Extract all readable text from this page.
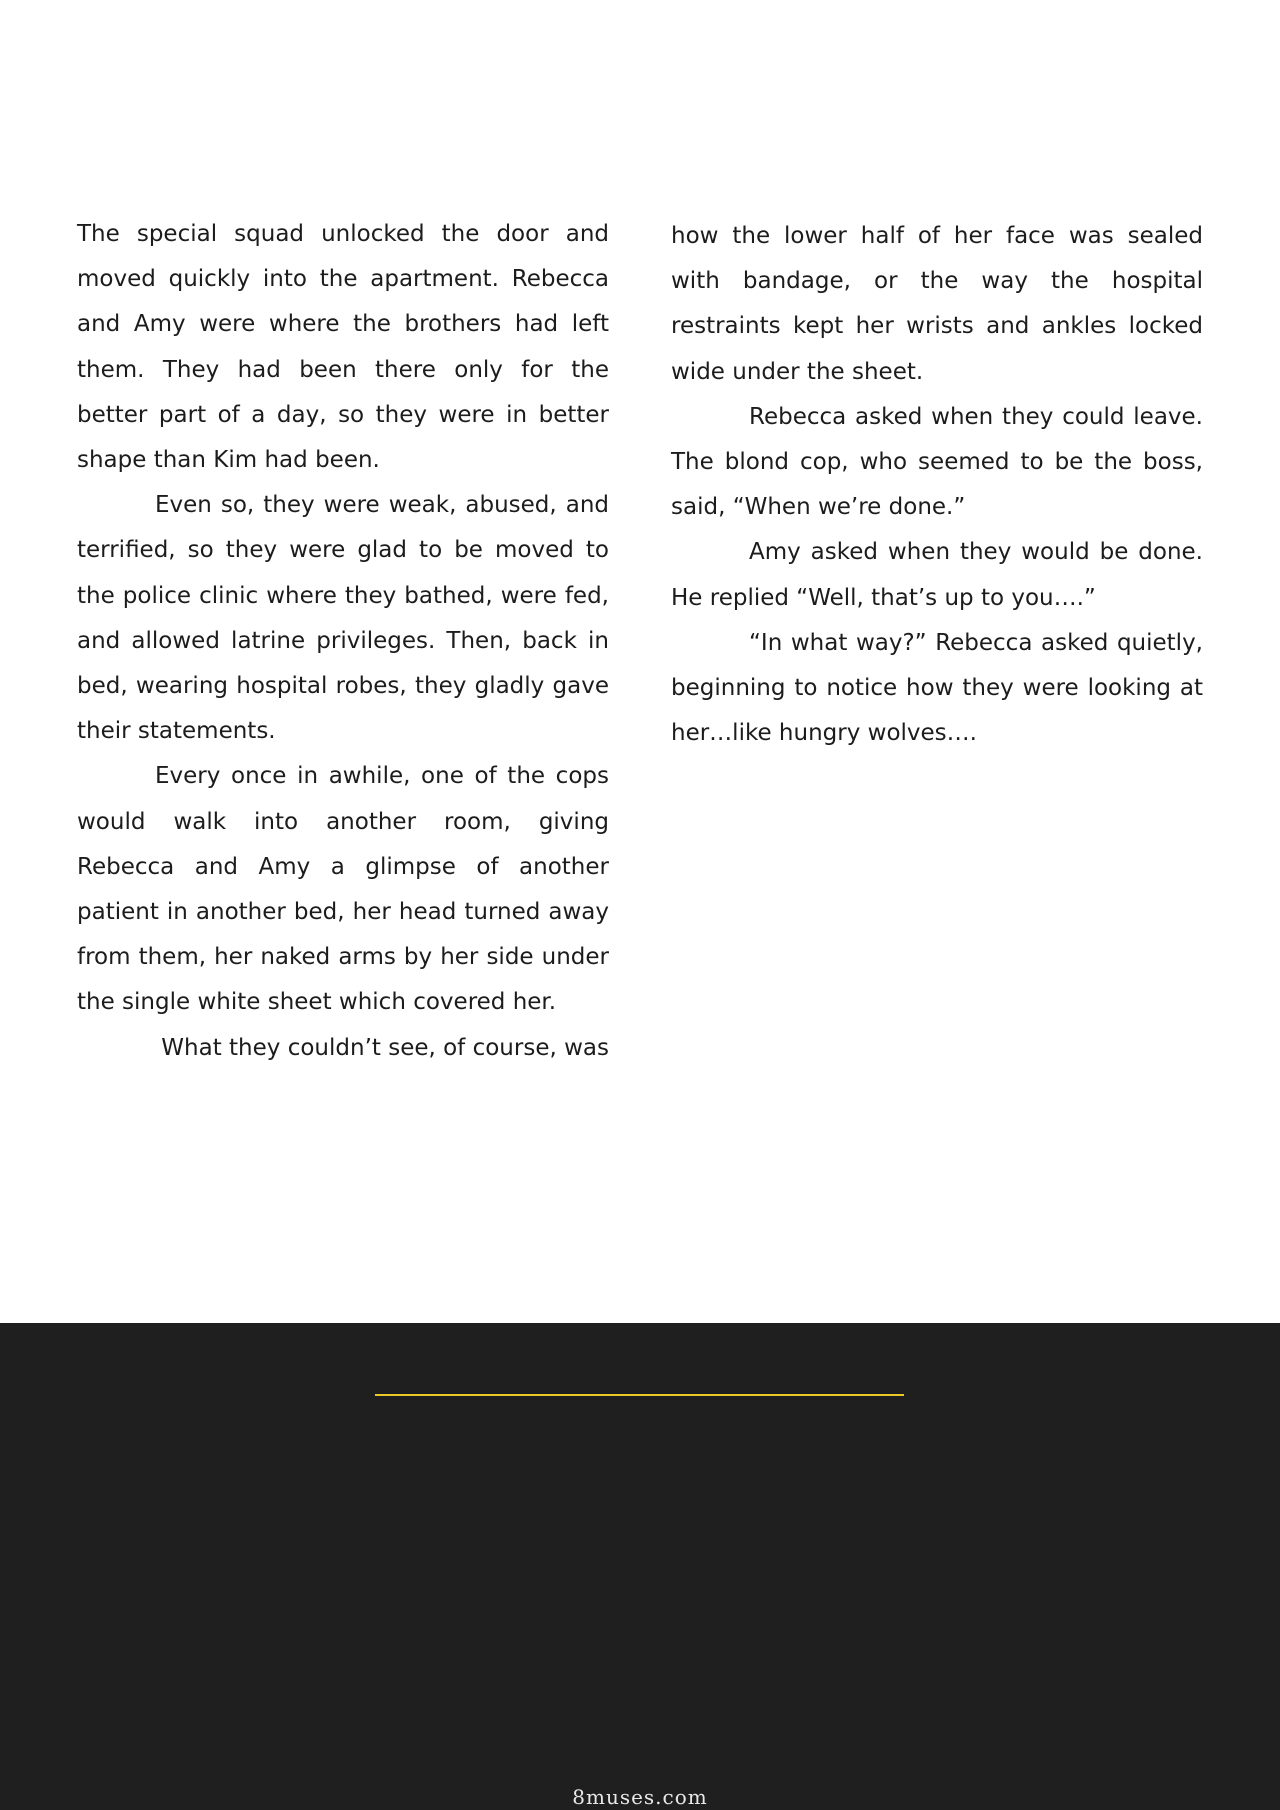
The special squad unlocked the door and moved quickly into the apartment. Rebecca and Amy were where the brothers had left them. They had been there only for the better part of a day, so they were in better shape than Kim had been.

Even so, they were weak, abused, and terrified, so they were glad to be moved to the police clinic where they bathed, were fed, and allowed latrine privileges. Then, back in bed, wearing hospital robes, they gladly gave their statements.

Every once in awhile, one of the cops would walk into another room, giving Rebecca and Amy a glimpse of another patient in another bed, her head turned away from them, her naked arms by her side under the single white sheet which covered her.

What they couldn’t see, of course, was

how the lower half of her face was sealed with bandage, or the way the hospital restraints kept her wrists and ankles locked wide under the sheet.

Rebecca asked when they could leave. The blond cop, who seemed to be the boss, said, “When we’re done.”

Amy asked when they would be done. He replied “Well, that’s up to you….”

“In what way?” Rebecca asked quietly, beginning to notice how they were looking at her…like hungry wolves….

8muses.com
